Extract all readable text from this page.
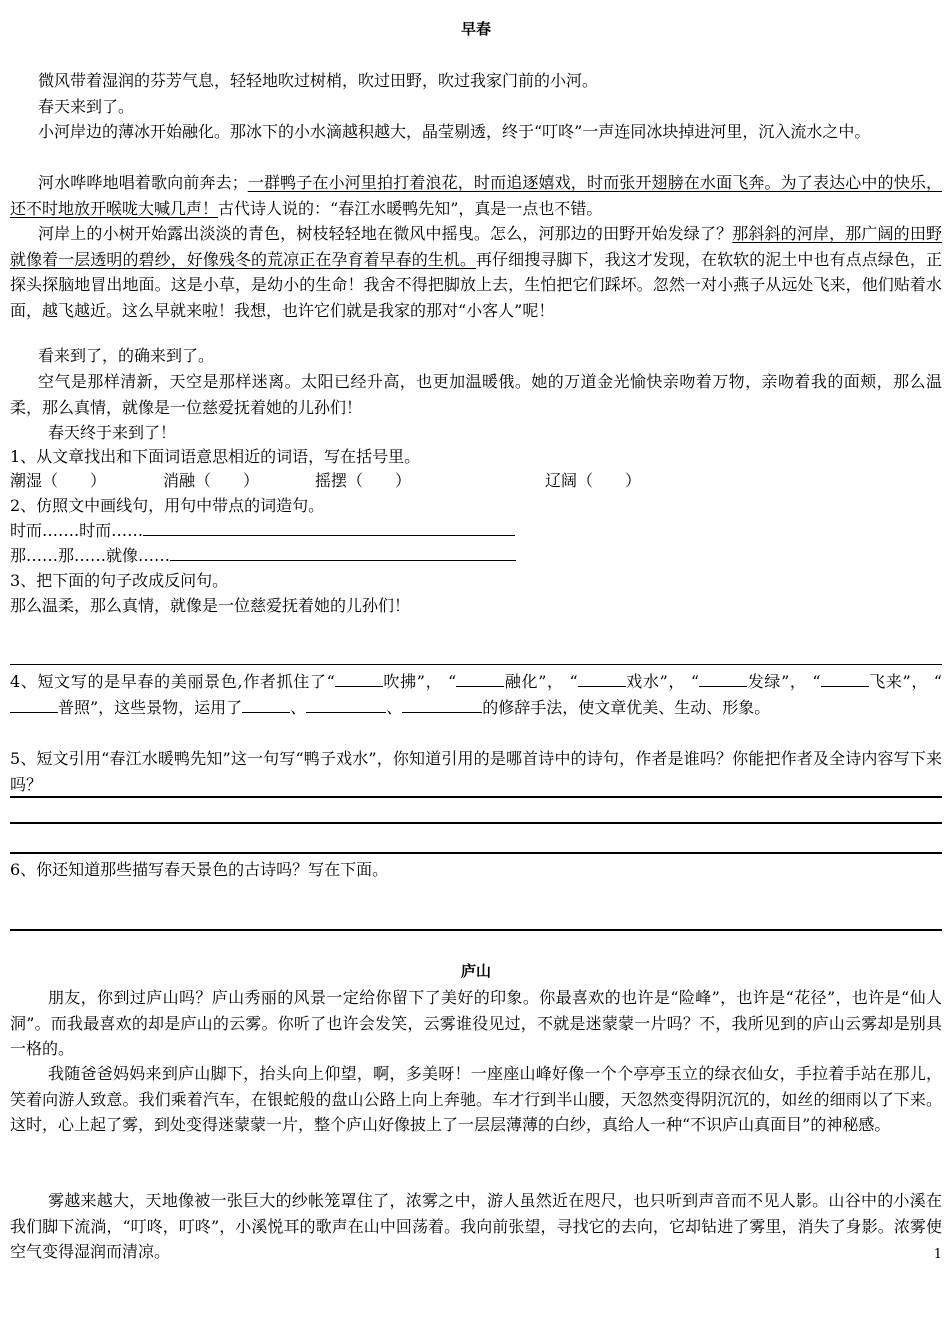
早春
微风带着湿润的芬芳气息，轻轻地吹过树梢，吹过田野，吹过我家门前的小河。
春天来到了。
小河岸边的薄冰开始融化。那冰下的小水滴越积越大，晶莹剔透，终于“叮咚”一声连同冰块掉进河里，沉入流水之中。
河水哗哗地唱着歌向前奔去；一群鸭子在小河里拍打着浪花，时而追逐嬉戏，时而张开翅膀在水面飞奔。为了表达心中的快乐，还不时地放开喉咙大喊几声！古代诗人说的：“春江水暖鸭先知”，真是一点也不错。
河岸上的小树开始露出淡淡的青色，树枝轻轻地在微风中摇曳。怎么，河那边的田野开始发绿了？那斜斜的河岸，那广阔的田野就像着一层透明的碧纱，好像残冬的荒凉正在孕育着早春的生机。再仔细搜寻脚下，我这才发现，在软软的泥土中也有点点绿色，正探头探脑地冒出地面。这是小草，是幼小的生命！我舍不得把脚放上去，生怕把它们踩坏。忽然一对小燕子从远处飞来，他们贴着水面，越飞越近。这么早就来啦！我想，也许它们就是我家的那对“小客人”呢！
看来到了，的确来到了。
空气是那样清新，天空是那样迷离。太阳已经升高，也更加温暖俄。她的万道金光愉快亲吻着万物，亲吻着我的面颊，那么温柔，那么真情，就像是一位慈爱抚着她的儿孙们！
春天终于来到了！
1、从文章找出和下面词语意思相近的词语，写在括号里。
潮湿（　　）	消融（　　）	摇摆（　　）	辽阔（　　）
2、仿照文中画线句，用句中带点的词造句。
时而…….时而……
那……那……就像……
3、把下面的句子改成反问句。
那么温柔，那么真情，就像是一位慈爱抚着她的儿孙们！
4、短文写的是早春的美丽景色,作者抓住了“	吹拂”， “	融化”， “	戏水”， “	发绿”， “	飞来”， “普照”，这些景物，运用了	、	、	的修辞手法，使文章优美、生动、形象。
5、短文引用“春江水暖鸭先知”这一句写“鸭子戏水”，你知道引用的是哪首诗中的诗句，作者是谁吗？你能把作者及全诗内容写下来吗？
6、你还知道那些描写春天景色的古诗吗？写在下面。
庐山
朋友，你到过庐山吗？庐山秀丽的风景一定给你留下了美好的印象。你最喜欢的也许是“险峰”，也许是“花径”，也许是“仙人洞”。而我最喜欢的却是庐山的云雾。你听了也许会发笑，云雾谁役见过，不就是迷蒙蒙一片吗？不，我所见到的庐山云雾却是别具一格的。
我随爸爸妈妈来到庐山脚下，抬头向上仰望，啊，多美呀！一座座山峰好像一个个亭亭玉立的绿衣仙女，手拉着手站在那儿，笑着向游人致意。我们乘着汽车，在银蛇般的盘山公路上向上奔驰。车才行到半山腰，天忽然变得阴沉沉的，如丝的细雨以了下来。这时，心上起了雾，到处变得迷蒙蒙一片，整个庐山好像披上了一层层薄薄的白纱，真给人一种“不识庐山真面目”的神秘感。
雾越来越大，天地像被一张巨大的纱帐笼罩住了，浓雾之中，游人虽然近在咫尺，也只听到声音而不见人影。山谷中的小溪在我们脚下流淌，“叮咚，叮咚”，小溪悦耳的歌声在山中回荡着。我向前张望，寻找它的去向，它却钻进了雾里，消失了身影。浓雾使空气变得湿润而清凉。	1
